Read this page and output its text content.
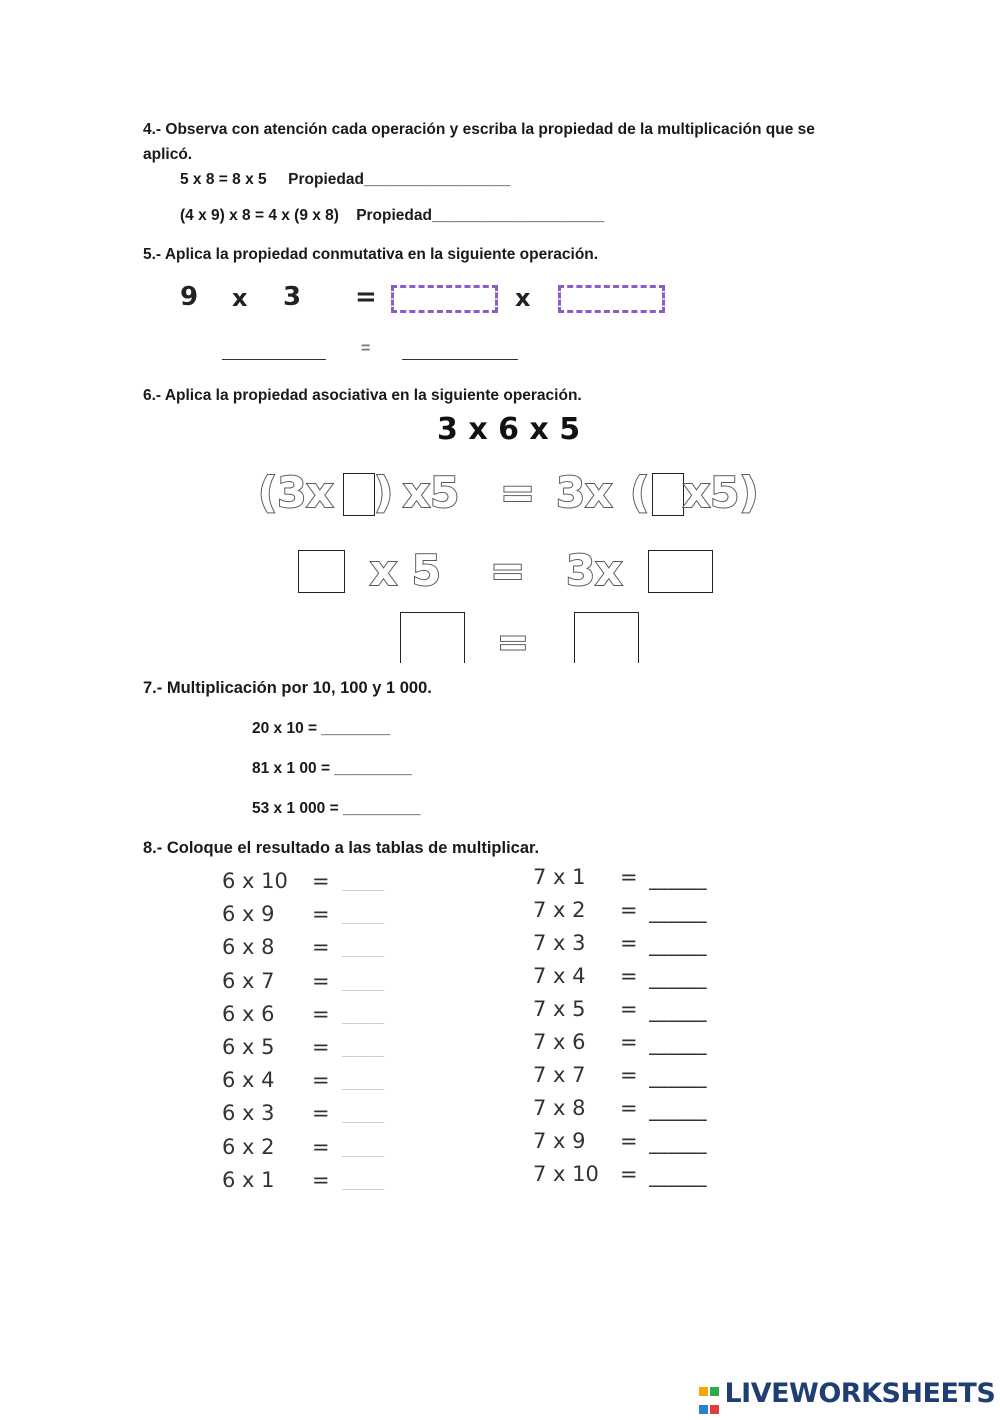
4.- Observa con atención cada operación y escriba la propiedad de la multiplicación que se
aplicó.
5 x 8 = 8 x 5     Propiedad_________________
(4 x 9) x 8 = 4 x (9 x 8)    Propiedad____________________
5.- Aplica la propiedad conmutativa en la siguiente operación.
9 x 3 =	x
=
6.- Aplica la propiedad asociativa en la siguiente operación.
3 x 6 x 5
(3x ) x5 = 3x ( x5)
x 5 = 3x
=
7.- Multiplicación por 10, 100 y 1 000.
20 x 10 = ________
81 x 1 00 = _________
53 x 1 000 = _________
8.- Coloque el resultado a las tablas de multiplicar.
6 x 10 = _____
6 x 9 = _____
6 x 8 = _____
6 x 7 = _____
6 x 6 = _____
6 x 5 = _____
6 x 4 = _____
6 x 3 = _____
6 x 2 = _____
6 x 1 = _____
7 x 1 = ______
7 x 2 = ______
7 x 3 = ______
7 x 4 = ______
7 x 5 = ______
7 x 6 = ______
7 x 7 = ______
7 x 8 = ______
7 x 9 = ______
7 x 10 = ______

LIVEWORKSHEETS
